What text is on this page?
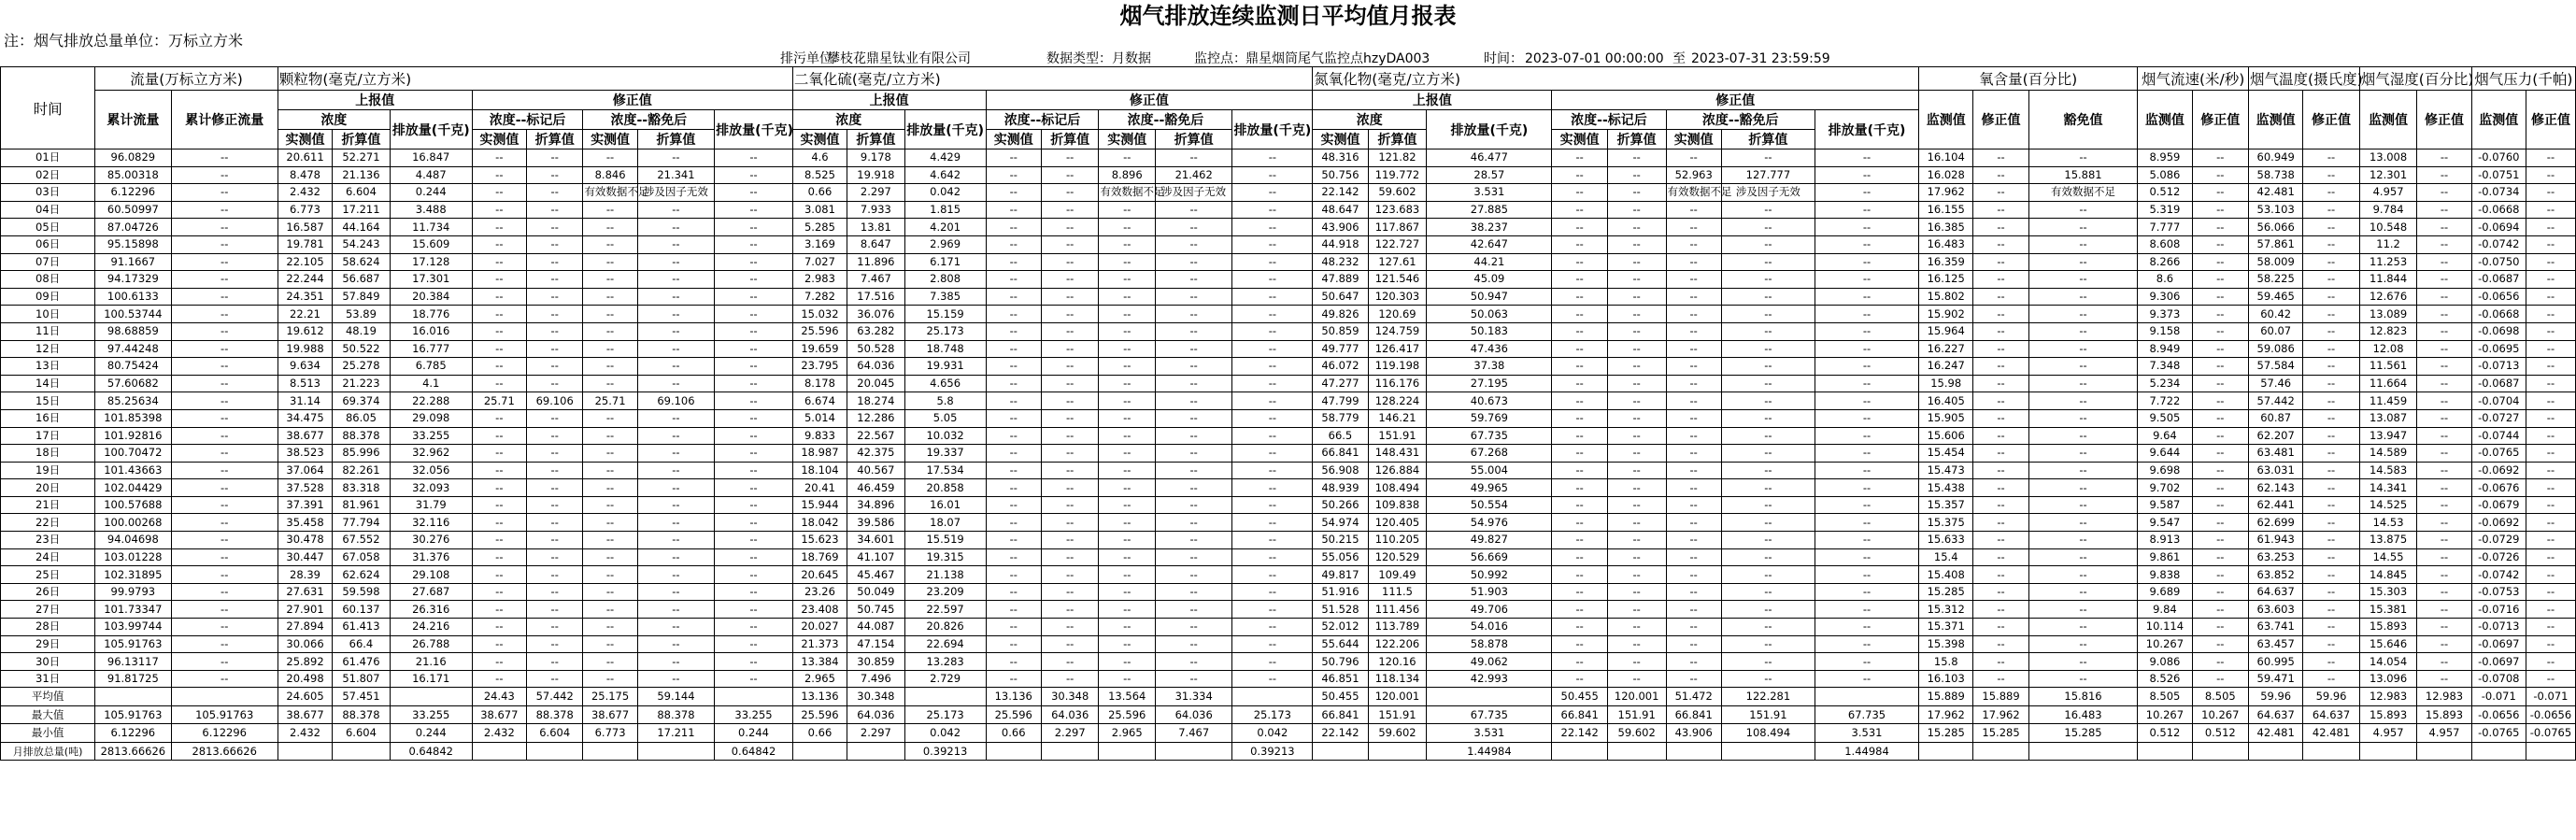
烟气排放连续监测日平均值月报表
注：烟气排放总量单位：万标立方米
排污单位：
攀枝花鼎星钛业有限公司	数据类型： 月数据	监控点： 鼎星烟筒尾气监控点hzyDA003	时间： 2023-07-01 00:00:00 至 2023-07-31 23:59:59
时间	流量(万标立方米)		颗粒物(毫克/立方米)								二氧化硫(毫克/立方米)								氮氧化物(毫克/立方米)								氧含量(百分比)			烟气流速(米/秒)		烟气温度(摄氏度)		烟气湿度(百分比)		烟气压力(千帕)	
	累计流量	累计修正流量	上报值			修正值					上报值			修正值					上报值			修正值					监测值	修正值	豁免值	监测值	修正值	监测值	修正值	监测值	修正值	监测值	修正值
			浓度		排放量(千克)	浓度--标记后		浓度--豁免后		排放量(千克)	浓度		排放量(千克)	浓度--标记后		浓度--豁免后		排放量(千克)	浓度		排放量(千克)	浓度--标记后		浓度--豁免后		排放量(千克)											
			实测值	折算值		实测值	折算值	实测值	折算值		实测值	折算值		实测值	折算值	实测值	折算值		实测值	折算值		实测值	折算值	实测值	折算值												
01日	96.0829	--	20.611	52.271	16.847	--	--	--	--	--	4.6	9.178	4.429	--	--	--	--	--	48.316	121.82	46.477	--	--	--	--	--	16.104	--	--	8.959	--	60.949	--	13.008	--	-0.0760	--
02日	85.00318	--	8.478	21.136	4.487	--	--	8.846	21.341	--	8.525	19.918	4.642	--	--	8.896	21.462	--	50.756	119.772	28.57	--	--	52.963	127.777	--	16.028	--	15.881	5.086	--	58.738	--	12.301	--	-0.0751	--
03日	6.12296	--	2.432	6.604	0.244	--	--	有效数据不足	涉及因子无效	--	0.66	2.297	0.042	--	--	有效数据不足	涉及因子无效	--	22.142	59.602	3.531	--	--	有效数据不足	涉及因子无效	--	17.962	--	有效数据不足	0.512	--	42.481	--	4.957	--	-0.0734	--
04日	60.50997	--	6.773	17.211	3.488	--	--	--	--	--	3.081	7.933	1.815	--	--	--	--	--	48.647	123.683	27.885	--	--	--	--	--	16.155	--	--	5.319	--	53.103	--	9.784	--	-0.0668	--
05日	87.04726	--	16.587	44.164	11.734	--	--	--	--	--	5.285	13.81	4.201	--	--	--	--	--	43.906	117.867	38.237	--	--	--	--	--	16.385	--	--	7.777	--	56.066	--	10.548	--	-0.0694	--
06日	95.15898	--	19.781	54.243	15.609	--	--	--	--	--	3.169	8.647	2.969	--	--	--	--	--	44.918	122.727	42.647	--	--	--	--	--	16.483	--	--	8.608	--	57.861	--	11.2	--	-0.0742	--
07日	91.1667	--	22.105	58.624	17.128	--	--	--	--	--	7.027	11.896	6.171	--	--	--	--	--	48.232	127.61	44.21	--	--	--	--	--	16.359	--	--	8.266	--	58.009	--	11.253	--	-0.0750	--
08日	94.17329	--	22.244	56.687	17.301	--	--	--	--	--	2.983	7.467	2.808	--	--	--	--	--	47.889	121.546	45.09	--	--	--	--	--	16.125	--	--	8.6	--	58.225	--	11.844	--	-0.0687	--
09日	100.6133	--	24.351	57.849	20.384	--	--	--	--	--	7.282	17.516	7.385	--	--	--	--	--	50.647	120.303	50.947	--	--	--	--	--	15.802	--	--	9.306	--	59.465	--	12.676	--	-0.0656	--
10日	100.53744	--	22.21	53.89	18.776	--	--	--	--	--	15.032	36.076	15.159	--	--	--	--	--	49.826	120.69	50.063	--	--	--	--	--	15.902	--	--	9.373	--	60.42	--	13.089	--	-0.0668	--
11日	98.68859	--	19.612	48.19	16.016	--	--	--	--	--	25.596	63.282	25.173	--	--	--	--	--	50.859	124.759	50.183	--	--	--	--	--	15.964	--	--	9.158	--	60.07	--	12.823	--	-0.0698	--
12日	97.44248	--	19.988	50.522	16.777	--	--	--	--	--	19.659	50.528	18.748	--	--	--	--	--	49.777	126.417	47.436	--	--	--	--	--	16.227	--	--	8.949	--	59.086	--	12.08	--	-0.0695	--
13日	80.75424	--	9.634	25.278	6.785	--	--	--	--	--	23.795	64.036	19.931	--	--	--	--	--	46.072	119.198	37.38	--	--	--	--	--	16.247	--	--	7.348	--	57.584	--	11.561	--	-0.0713	--
14日	57.60682	--	8.513	21.223	4.1	--	--	--	--	--	8.178	20.045	4.656	--	--	--	--	--	47.277	116.176	27.195	--	--	--	--	--	15.98	--	--	5.234	--	57.46	--	11.664	--	-0.0687	--
15日	85.25634	--	31.14	69.374	22.288	25.71	69.106	25.71	69.106	--	6.674	18.274	5.8	--	--	--	--	--	47.799	128.224	40.673	--	--	--	--	--	16.405	--	--	7.722	--	57.442	--	11.459	--	-0.0704	--
16日	101.85398	--	34.475	86.05	29.098	--	--	--	--	--	5.014	12.286	5.05	--	--	--	--	--	58.779	146.21	59.769	--	--	--	--	--	15.905	--	--	9.505	--	60.87	--	13.087	--	-0.0727	--
17日	101.92816	--	38.677	88.378	33.255	--	--	--	--	--	9.833	22.567	10.032	--	--	--	--	--	66.5	151.91	67.735	--	--	--	--	--	15.606	--	--	9.64	--	62.207	--	13.947	--	-0.0744	--
18日	100.70472	--	38.523	85.996	32.962	--	--	--	--	--	18.987	42.375	19.337	--	--	--	--	--	66.841	148.431	67.268	--	--	--	--	--	15.454	--	--	9.644	--	63.481	--	14.589	--	-0.0765	--
19日	101.43663	--	37.064	82.261	32.056	--	--	--	--	--	18.104	40.567	17.534	--	--	--	--	--	56.908	126.884	55.004	--	--	--	--	--	15.473	--	--	9.698	--	63.031	--	14.583	--	-0.0692	--
20日	102.04429	--	37.528	83.318	32.093	--	--	--	--	--	20.41	46.459	20.858	--	--	--	--	--	48.939	108.494	49.965	--	--	--	--	--	15.438	--	--	9.702	--	62.143	--	14.341	--	-0.0676	--
21日	100.57688	--	37.391	81.961	31.79	--	--	--	--	--	15.944	34.896	16.01	--	--	--	--	--	50.266	109.838	50.554	--	--	--	--	--	15.357	--	--	9.587	--	62.441	--	14.525	--	-0.0679	--
22日	100.00268	--	35.458	77.794	32.116	--	--	--	--	--	18.042	39.586	18.07	--	--	--	--	--	54.974	120.405	54.976	--	--	--	--	--	15.375	--	--	9.547	--	62.699	--	14.53	--	-0.0692	--
23日	94.04698	--	30.478	67.552	30.276	--	--	--	--	--	15.623	34.601	15.519	--	--	--	--	--	50.215	110.205	49.827	--	--	--	--	--	15.633	--	--	8.913	--	61.943	--	13.875	--	-0.0729	--
24日	103.01228	--	30.447	67.058	31.376	--	--	--	--	--	18.769	41.107	19.315	--	--	--	--	--	55.056	120.529	56.669	--	--	--	--	--	15.4	--	--	9.861	--	63.253	--	14.55	--	-0.0726	--
25日	102.31895	--	28.39	62.624	29.108	--	--	--	--	--	20.645	45.467	21.138	--	--	--	--	--	49.817	109.49	50.992	--	--	--	--	--	15.408	--	--	9.838	--	63.852	--	14.845	--	-0.0742	--
26日	99.9793	--	27.631	59.598	27.687	--	--	--	--	--	23.26	50.049	23.209	--	--	--	--	--	51.916	111.5	51.903	--	--	--	--	--	15.285	--	--	9.689	--	64.637	--	15.303	--	-0.0753	--
27日	101.73347	--	27.901	60.137	26.316	--	--	--	--	--	23.408	50.745	22.597	--	--	--	--	--	51.528	111.456	49.706	--	--	--	--	--	15.312	--	--	9.84	--	63.603	--	15.381	--	-0.0716	--
28日	103.99744	--	27.894	61.413	24.216	--	--	--	--	--	20.027	44.087	20.826	--	--	--	--	--	52.012	113.789	54.016	--	--	--	--	--	15.371	--	--	10.114	--	63.741	--	15.893	--	-0.0713	--
29日	105.91763	--	30.066	66.4	26.788	--	--	--	--	--	21.373	47.154	22.694	--	--	--	--	--	55.644	122.206	58.878	--	--	--	--	--	15.398	--	--	10.267	--	63.457	--	15.646	--	-0.0697	--
30日	96.13117	--	25.892	61.476	21.16	--	--	--	--	--	13.384	30.859	13.283	--	--	--	--	--	50.796	120.16	49.062	--	--	--	--	--	15.8	--	--	9.086	--	60.995	--	14.054	--	-0.0697	--
31日	91.81725	--	20.498	51.807	16.171	--	--	--	--	--	2.965	7.496	2.729	--	--	--	--	--	46.851	118.134	42.993	--	--	--	--	--	16.103	--	--	8.526	--	59.471	--	13.096	--	-0.0708	--
平均值			24.605	57.451		24.43	57.442	25.175	59.144		13.136	30.348		13.136	30.348	13.564	31.334		50.455	120.001		50.455	120.001	51.472	122.281		15.889	15.889	15.816	8.505	8.505	59.96	59.96	12.983	12.983	-0.071	-0.071
最大值	105.91763	105.91763	38.677	88.378	33.255	38.677	88.378	38.677	88.378	33.255	25.596	64.036	25.173	25.596	64.036	25.596	64.036	25.173	66.841	151.91	67.735	66.841	151.91	66.841	151.91	67.735	17.962	17.962	16.483	10.267	10.267	64.637	64.637	15.893	15.893	-0.0656	-0.0656
最小值	6.12296	6.12296	2.432	6.604	0.244	2.432	6.604	6.773	17.211	0.244	0.66	2.297	0.042	0.66	2.297	2.965	7.467	0.042	22.142	59.602	3.531	22.142	59.602	43.906	108.494	3.531	15.285	15.285	15.285	0.512	0.512	42.481	42.481	4.957	4.957	-0.0765	-0.0765
月排放总量(吨)	2813.66626	2813.66626			0.64842					0.64842			0.39213					0.39213			1.44984					1.44984											
